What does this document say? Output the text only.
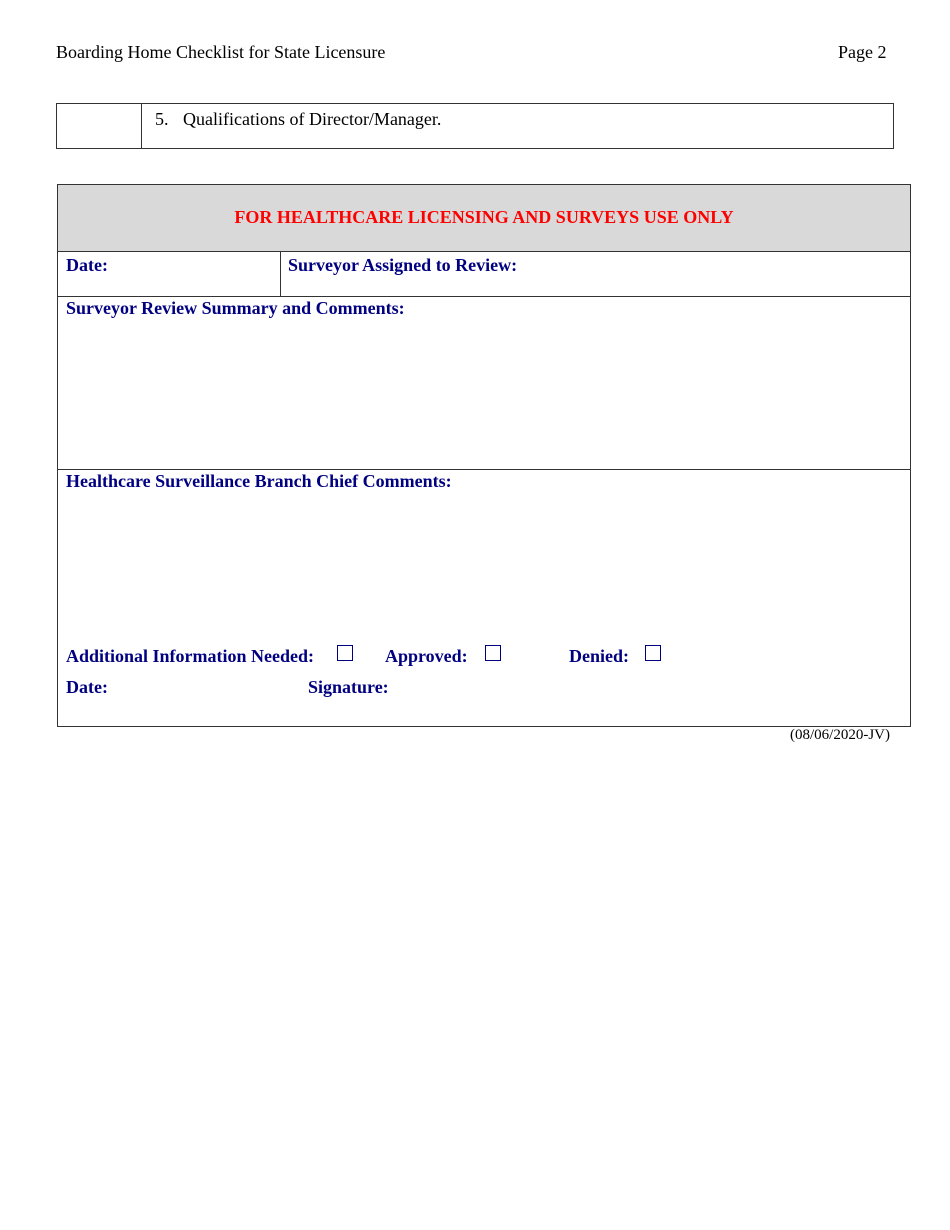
Boarding Home Checklist for State Licensure	Page 2
5. Qualifications of Director/Manager.
FOR HEALTHCARE LICENSING AND SURVEYS USE ONLY
Date:	Surveyor Assigned to Review:
Surveyor Review Summary and Comments:
Healthcare Surveillance Branch Chief Comments:
Additional Information Needed:	Approved:	Denied:
Date:	Signature:
(08/06/2020-JV)
